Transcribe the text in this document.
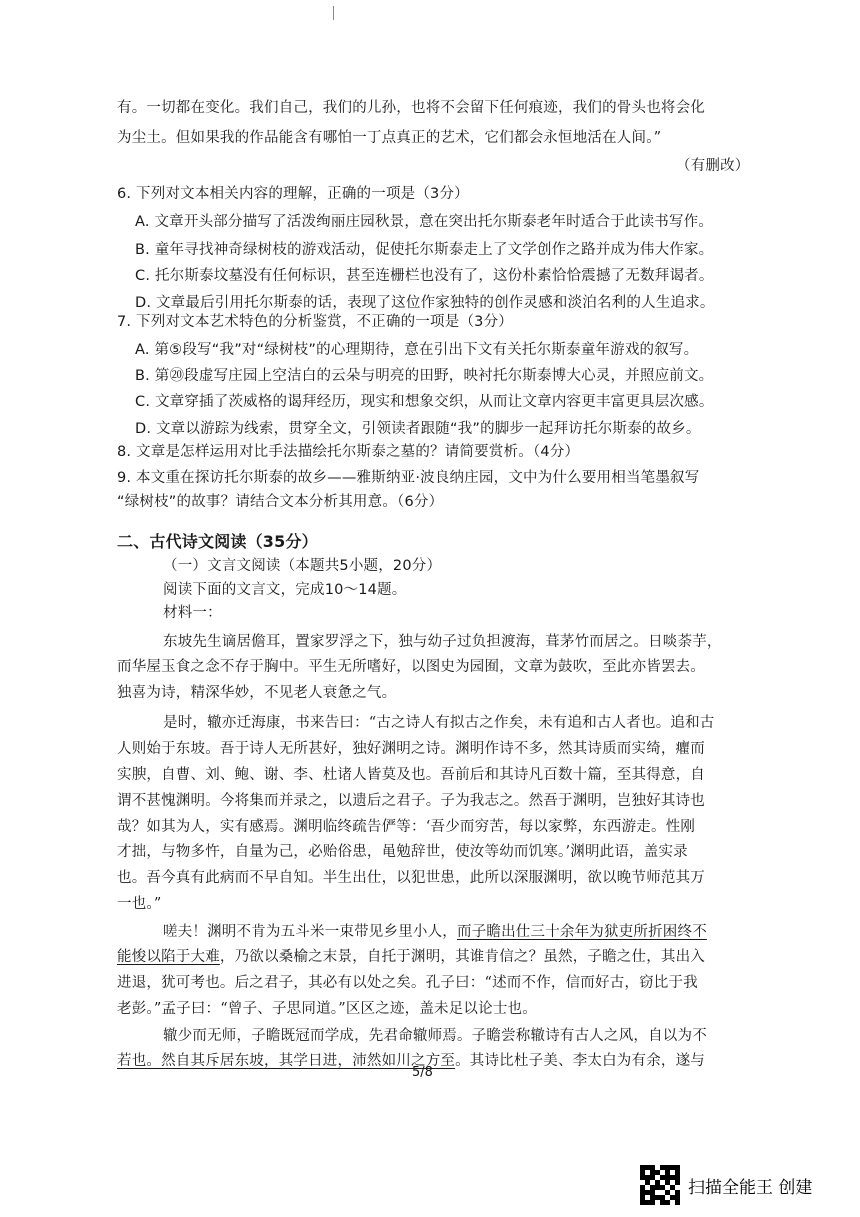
有。一切都在变化。我们自己，我们的儿孙，也将不会留下任何痕迹，我们的骨头也将会化
为尘土。但如果我的作品能含有哪怕一丁点真正的艺术，它们都会永恒地活在人间。”
（有删改）
6. 下列对文本相关内容的理解，正确的一项是（3分）
A. 文章开头部分描写了活泼绚丽庄园秋景，意在突出托尔斯泰老年时适合于此读书写作。
B. 童年寻找神奇绿树枝的游戏活动，促使托尔斯泰走上了文学创作之路并成为伟大作家。
C. 托尔斯泰坟墓没有任何标识，甚至连栅栏也没有了，这份朴素恰恰震撼了无数拜谒者。
D. 文章最后引用托尔斯泰的话，表现了这位作家独特的创作灵感和淡泊名利的人生追求。
7. 下列对文本艺术特色的分析鉴赏，不正确的一项是（3分）
A. 第⑤段写“我”对“绿树枝”的心理期待，意在引出下文有关托尔斯泰童年游戏的叙写。
B. 第⑳段虚写庄园上空洁白的云朵与明亮的田野，映衬托尔斯泰博大心灵，并照应前文。
C. 文章穿插了茨威格的谒拜经历，现实和想象交织，从而让文章内容更丰富更具层次感。
D. 文章以游踪为线索，贯穿全文，引领读者跟随“我”的脚步一起拜访托尔斯泰的故乡。
8. 文章是怎样运用对比手法描绘托尔斯泰之墓的？请简要赏析。（4分）
9. 本文重在探访托尔斯泰的故乡——雅斯纳亚·波良纳庄园，文中为什么要用相当笔墨叙写
“绿树枝”的故事？请结合文本分析其用意。（6分）
二、古代诗文阅读（35分）
（一）文言文阅读（本题共5小题，20分）
阅读下面的文言文，完成10～14题。
材料一：
东坡先生谪居儋耳，置家罗浮之下，独与幼子过负担渡海，葺茅竹而居之。日啖荼芋，
而华屋玉食之念不存于胸中。平生无所嗜好，以图史为园囿，文章为鼓吹，至此亦皆罢去。
独喜为诗，精深华妙，不见老人衰惫之气。
是时，辙亦迁海康，书来告曰：“古之诗人有拟古之作矣，未有追和古人者也。追和古
人则始于东坡。吾于诗人无所甚好，独好渊明之诗。渊明作诗不多，然其诗质而实绮，癯而
实腴，自曹、刘、鲍、谢、李、杜诸人皆莫及也。吾前后和其诗凡百数十篇，至其得意，自
谓不甚愧渊明。今将集而并录之，以遗后之君子。子为我志之。然吾于渊明，岂独好其诗也
哉？如其为人，实有感焉。渊明临终疏告俨等：‘吾少而穷苦，每以家弊，东西游走。性刚
才拙，与物多忤，自量为己，必贻俗患，黾勉辞世，使汝等幼而饥寒。’渊明此语，盖实录
也。吾今真有此病而不早自知。半生出仕，以犯世患，此所以深服渊明，欲以晚节师范其万
一也。”
嗟夫！渊明不肯为五斗米一束带见乡里小人，而子瞻出仕三十余年为狱吏所折困终不
能悛以陷于大难，乃欲以桑榆之末景，自托于渊明，其谁肯信之？虽然，子瞻之仕，其出入
进退，犹可考也。后之君子，其必有以处之矣。孔子曰：“述而不作，信而好古，窃比于我
老彭。”孟子曰：“曾子、子思同道。”区区之迹，盖未足以论士也。
辙少而无师，子瞻既冠而学成，先君命辙师焉。子瞻尝称辙诗有古人之风，自以为不
若也。然自其斥居东坡，其学日进，沛然如川之方至。其诗比杜子美、李太白为有余，遂与
5/8
扫描全能王 创建
